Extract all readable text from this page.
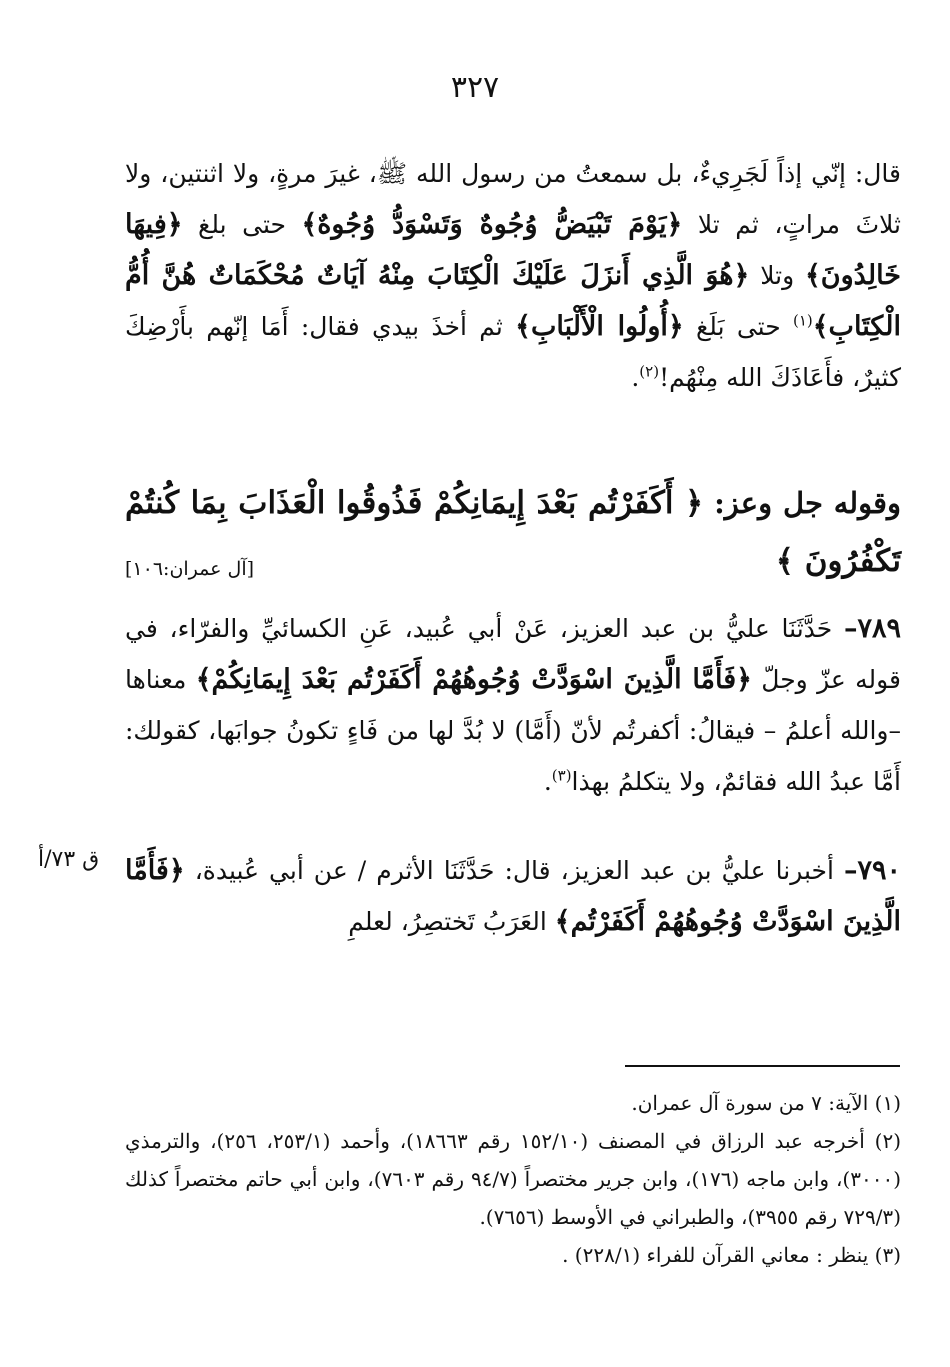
٣٢٧

قال: إنّي إذاً لَجَرِيءٌ، بل سمعتُ من رسول الله ﷺ، غيرَ مرةٍ، ولا اثنتين، ولا ثلاثَ مراتٍ، ثم تلا ﴿يَوْمَ تَبْيَضُّ وُجُوهٌ وَتَسْوَدُّ وُجُوهٌ﴾ حتى بلغ ﴿فِيهَا خَالِدُونَ﴾ وتلا ﴿هُوَ الَّذِي أَنزَلَ عَلَيْكَ الْكِتَابَ مِنْهُ آيَاتٌ مُحْكَمَاتٌ هُنَّ أُمُّ الْكِتَابِ﴾$^{(١)}$ حتى بَلَغ ﴿أُولُوا الْأَلْبَابِ﴾ ثم أخذَ بيدي فقال: أَمَا إنّهم بأَرْضِكَ كثيرٌ، فأَعَاذَكَ الله مِنْهُم!$^{(٢)}$.

وقوله جل وعز: ﴿ أَكَفَرْتُم بَعْدَ إِيمَانِكُمْ فَذُوقُوا الْعَذَابَ بِمَا كُنتُمْ تَكْفُرُونَ ﴾
[آل عمران:١٠٦]

٧٨٩– حَدَّثَنَا عليُّ بن عبد العزيز، عَنْ أبي عُبيد، عَنِ الكسائيِّ والفرّاء، في قوله عزّ وجلّ ﴿فَأَمَّا الَّذِينَ اسْوَدَّتْ وُجُوهُهُمْ أَكَفَرْتُم بَعْدَ إِيمَانِكُمْ﴾ معناها –والله أعلمُ – فيقالُ: أكفرتُم لأنّ (أَمَّا) لا بُدَّ لها من فَاءٍ تكونُ جوابَها، كقولك: أَمَّا عبدُ الله فقائمٌ، ولا يتكلمُ بهذا$^{(٣)}$.

٧٩٠– أخبرنا عليُّ بن عبد العزيز، قال: حَدَّثَنَا الأثرم / عن أبي عُبيدة، ﴿فَأَمَّا الَّذِينَ اسْوَدَّتْ وُجُوهُهُمْ أَكَفَرْتُم﴾ العَرَبُ تَختصِرُ، لعلمِ

ق ٧٣/أ

(١) الآية: ٧ من سورة آل عمران.

(٢) أخرجه عبد الرزاق في المصنف (١٥٢/١٠ رقم ١٨٦٦٣)، وأحمد (٢٥٣/١، ٢٥٦)، والترمذي (٣٠٠٠)، وابن ماجه (١٧٦)، وابن جرير مختصراً (٩٤/٧ رقم ٧٦٠٣)، وابن أبي حاتم مختصراً كذلك (٧٢٩/٣ رقم ٣٩٥٥)، والطبراني في الأوسط (٧٦٥٦).

(٣) ينظر : معاني القرآن للفراء (٢٢٨/١) .
